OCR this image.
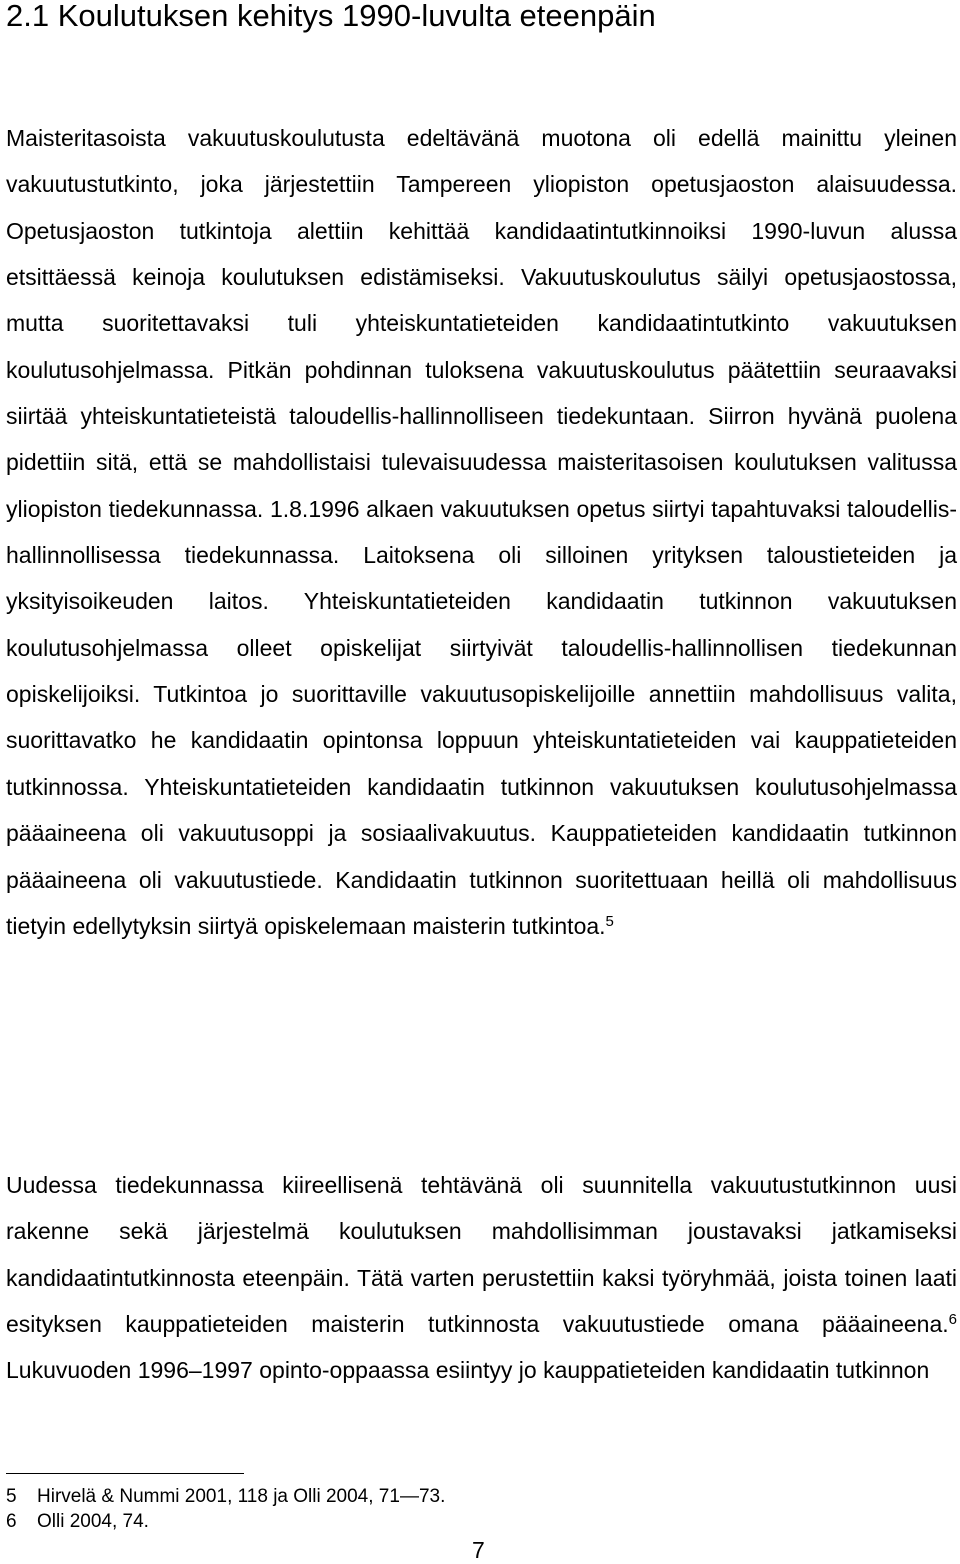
2.1 Koulutuksen kehitys 1990-luvulta eteenpäin

Maisteritasoista vakuutuskoulutusta edeltävänä muotona oli edellä mainittu yleinen vakuutustutkinto, joka järjestettiin Tampereen yliopiston opetusjaoston alaisuudessa. Opetusjaoston tutkintoja alettiin kehittää kandidaatintutkinnoiksi 1990-luvun alussa etsittäessä keinoja koulutuksen edistämiseksi. Vakuutuskoulutus säilyi opetusjaostossa, mutta suoritettavaksi tuli yhteiskuntatieteiden kandidaatintutkinto vakuutuksen koulutusohjelmassa. Pitkän pohdinnan tuloksena vakuutuskoulutus päätettiin seuraavaksi siirtää yhteiskuntatieteistä taloudellis-hallinnolliseen tiedekuntaan. Siirron hyvänä puolena pidettiin sitä, että se mahdollistaisi tulevaisuudessa maisteritasoisen koulutuksen valitussa yliopiston tiedekunnassa. 1.8.1996 alkaen vakuutuksen opetus siirtyi tapahtuvaksi taloudellis-hallinnollisessa tiedekunnassa. Laitoksena oli silloinen yrityksen taloustieteiden ja yksityisoikeuden laitos. Yhteiskuntatieteiden kandidaatin tutkinnon vakuutuksen koulutusohjelmassa olleet opiskelijat siirtyivät taloudellis-hallinnollisen tiedekunnan opiskelijoiksi. Tutkintoa jo suorittaville vakuutusopiskelijoille annettiin mahdollisuus valita, suorittavatko he kandidaatin opintonsa loppuun yhteiskuntatieteiden vai kauppatieteiden tutkinnossa. Yhteiskuntatieteiden kandidaatin tutkinnon vakuutuksen koulutusohjelmassa pääaineena oli vakuutusoppi ja sosiaalivakuutus. Kauppatieteiden kandidaatin tutkinnon pääaineena oli vakuutustiede. Kandidaatin tutkinnon suoritettuaan heillä oli mahdollisuus tietyin edellytyksin siirtyä opiskelemaan maisterin tutkintoa.$^5$

Uudessa tiedekunnassa kiireellisenä tehtävänä oli suunnitella vakuutustutkinnon uusi rakenne sekä järjestelmä koulutuksen mahdollisimman joustavaksi jatkamiseksi kandidaatintutkinnosta eteenpäin. Tätä varten perustettiin kaksi työryhmää, joista toinen laati esityksen kauppatieteiden maisterin tutkinnosta vakuutustiede omana pääaineena.$^6$ Lukuvuoden 1996–1997 opinto-oppaassa esiintyy jo kauppatieteiden kandidaatin tutkinnon

5 Hirvelä & Nummi 2001, 118 ja Olli 2004, 71—73.

6 Olli 2004, 74.

7
